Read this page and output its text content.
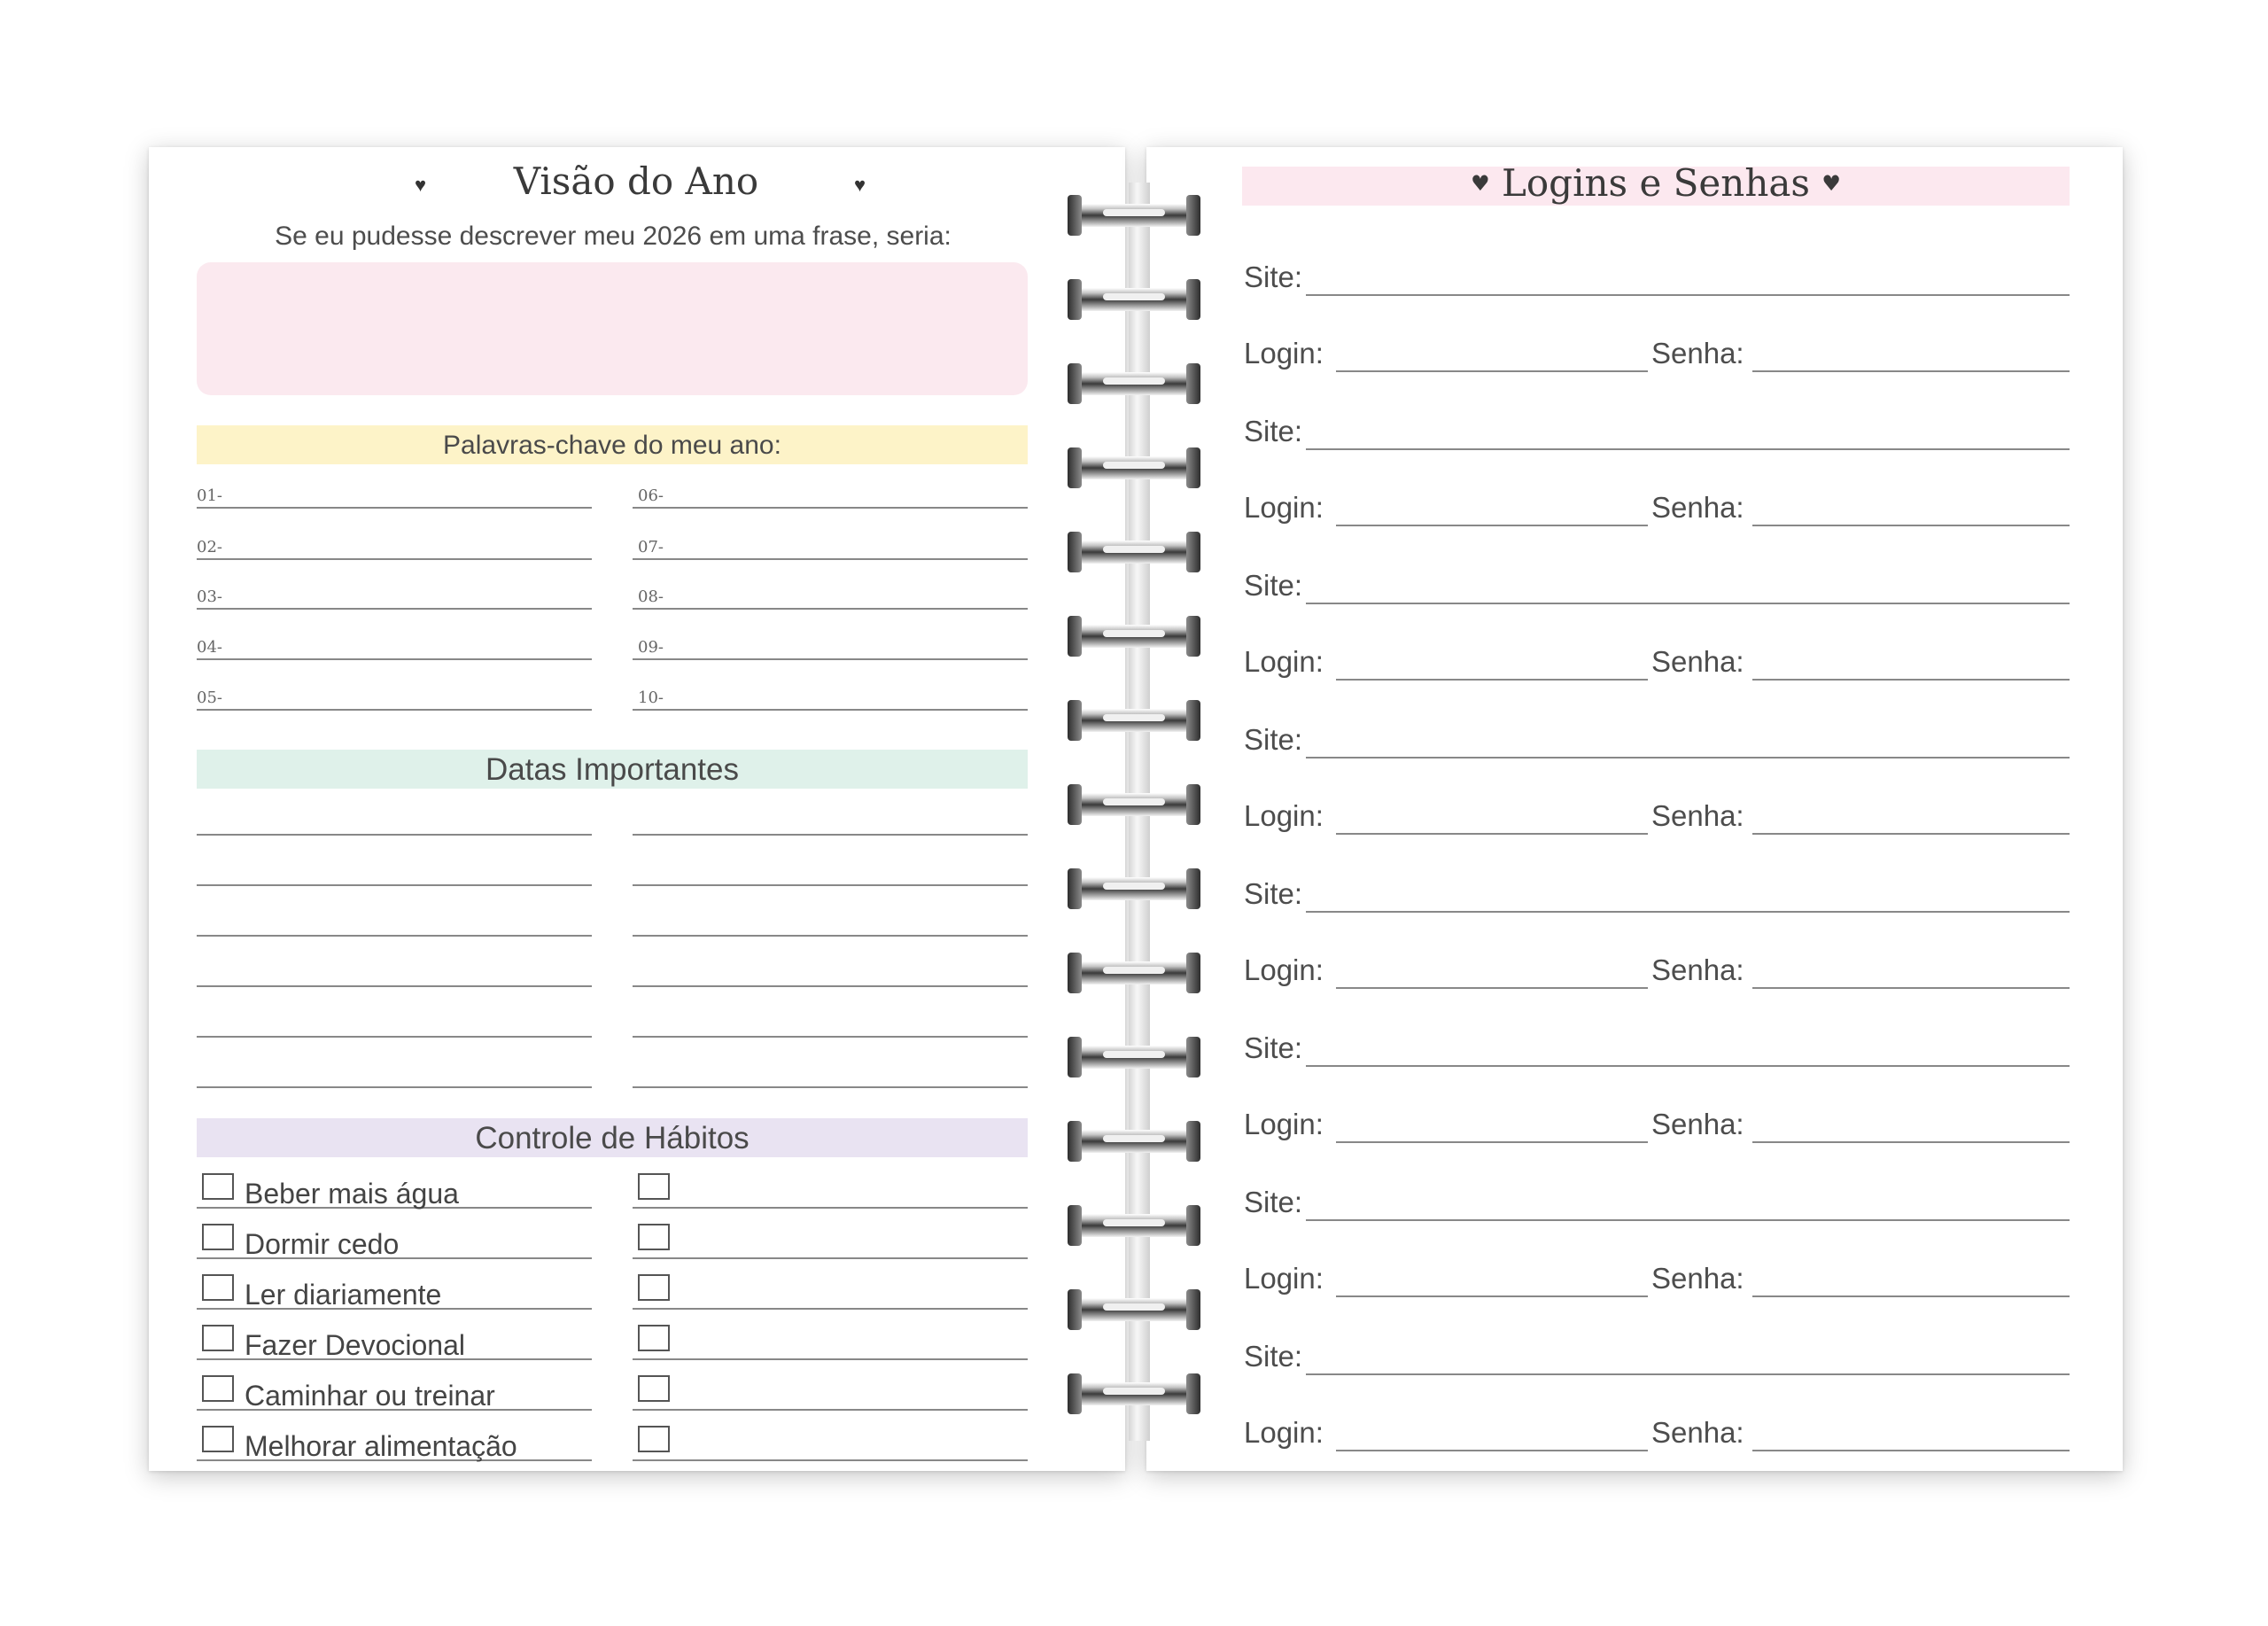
♥ Visão do Ano	♥
Se eu pudesse descrever meu 2026 em uma frase, seria:
Palavras-chave do meu ano:
01-
02-
03-
04-
05-
06-
07-
08-
09-
10-
Datas Importantes
Controle de Hábitos
Beber mais água
Dormir cedo
Ler diariamente
Fazer Devocional
Caminhar ou treinar
Melhorar alimentação
♥ Logins e Senhas ♥
Site:
Login:	Senha:
Site:
Login:	Senha:
Site:
Login:	Senha:
Site:
Login:	Senha:
Site:
Login:	Senha:
Site:
Login:	Senha:
Site:
Login:	Senha:
Site:
Login:	Senha:
